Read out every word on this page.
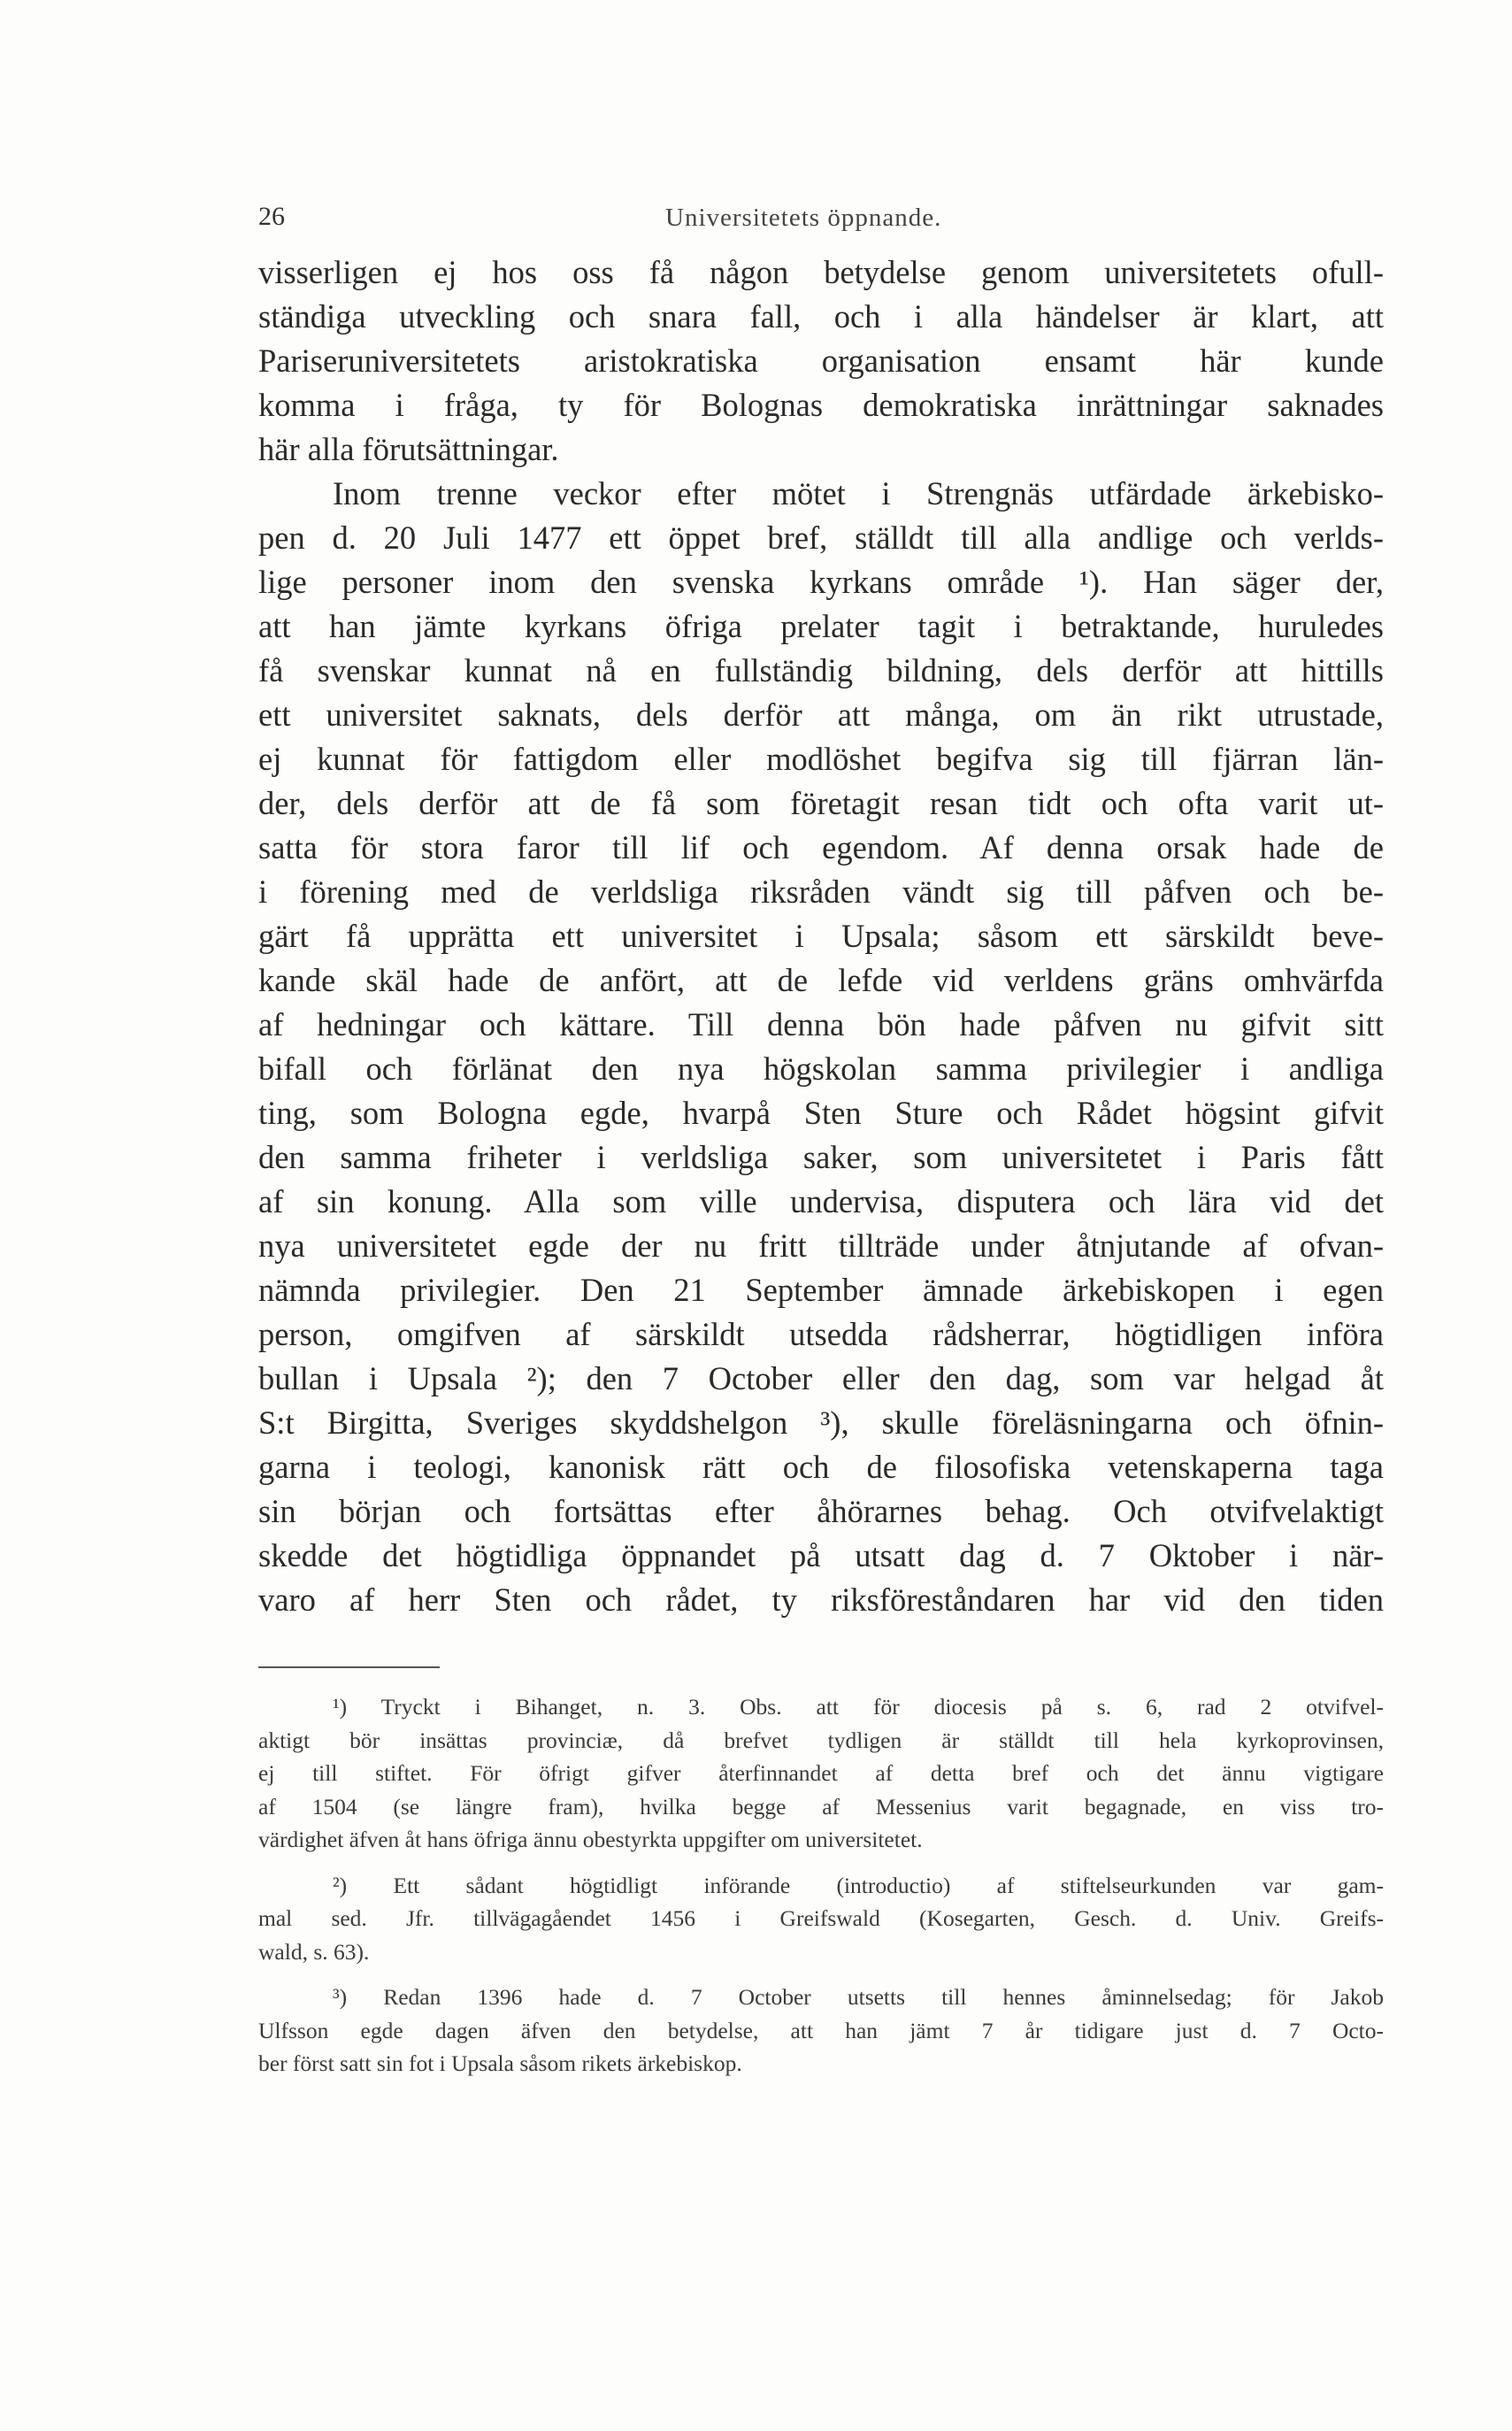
26	Universitetets öppnande.
visserligen ej hos oss få någon betydelse genom universitetets ofull-
ständiga utveckling och snara fall, och i alla händelser är klart, att
Pariseruniversitetets aristokratiska organisation ensamt här kunde
komma i fråga, ty för Bolognas demokratiska inrättningar saknades
här alla förutsättningar.
Inom trenne veckor efter mötet i Strengnäs utfärdade ärkebisko-
pen d. 20 Juli 1477 ett öppet bref, ställdt till alla andlige och verlds-
lige personer inom den svenska kyrkans område ¹). Han säger der,
att han jämte kyrkans öfriga prelater tagit i betraktande, huruledes
få svenskar kunnat nå en fullständig bildning, dels derför att hittills
ett universitet saknats, dels derför att många, om än rikt utrustade,
ej kunnat för fattigdom eller modlöshet begifva sig till fjärran län-
der, dels derför att de få som företagit resan tidt och ofta varit ut-
satta för stora faror till lif och egendom. Af denna orsak hade de
i förening med de verldsliga riksråden vändt sig till påfven och be-
gärt få upprätta ett universitet i Upsala; såsom ett särskildt beve-
kande skäl hade de anfört, att de lefde vid verldens gräns omhvärfda
af hedningar och kättare. Till denna bön hade påfven nu gifvit sitt
bifall och förlänat den nya högskolan samma privilegier i andliga
ting, som Bologna egde, hvarpå Sten Sture och Rådet högsint gifvit
den samma friheter i verldsliga saker, som universitetet i Paris fått
af sin konung. Alla som ville undervisa, disputera och lära vid det
nya universitetet egde der nu fritt tillträde under åtnjutande af ofvan-
nämnda privilegier. Den 21 September ämnade ärkebiskopen i egen
person, omgifven af särskildt utsedda rådsherrar, högtidligen införa
bullan i Upsala ²); den 7 October eller den dag, som var helgad åt
S:t Birgitta, Sveriges skyddshelgon ³), skulle föreläsningarna och öfnin-
garna i teologi, kanonisk rätt och de filosofiska vetenskaperna taga
sin början och fortsättas efter åhörarnes behag. Och otvifvelaktigt
skedde det högtidliga öppnandet på utsatt dag d. 7 Oktober i när-
varo af herr Sten och rådet, ty riksföreståndaren har vid den tiden
¹) Tryckt i Bihanget, n. 3. Obs. att för diocesis på s. 6, rad 2 otvifvel-
aktigt bör insättas provinciæ, då brefvet tydligen är ställdt till hela kyrkoprovinsen,
ej till stiftet. För öfrigt gifver återfinnandet af detta bref och det ännu vigtigare
af 1504 (se längre fram), hvilka begge af Messenius varit begagnade, en viss tro-
värdighet äfven åt hans öfriga ännu obestyrkta uppgifter om universitetet.
²) Ett sådant högtidligt införande (introductio) af stiftelseurkunden var gam-
mal sed. Jfr. tillvägagåendet 1456 i Greifswald (Kosegarten, Gesch. d. Univ. Greifs-
wald, s. 63).
³) Redan 1396 hade d. 7 October utsetts till hennes åminnelsedag; för Jakob
Ulfsson egde dagen äfven den betydelse, att han jämt 7 år tidigare just d. 7 Octo-
ber först satt sin fot i Upsala såsom rikets ärkebiskop.
